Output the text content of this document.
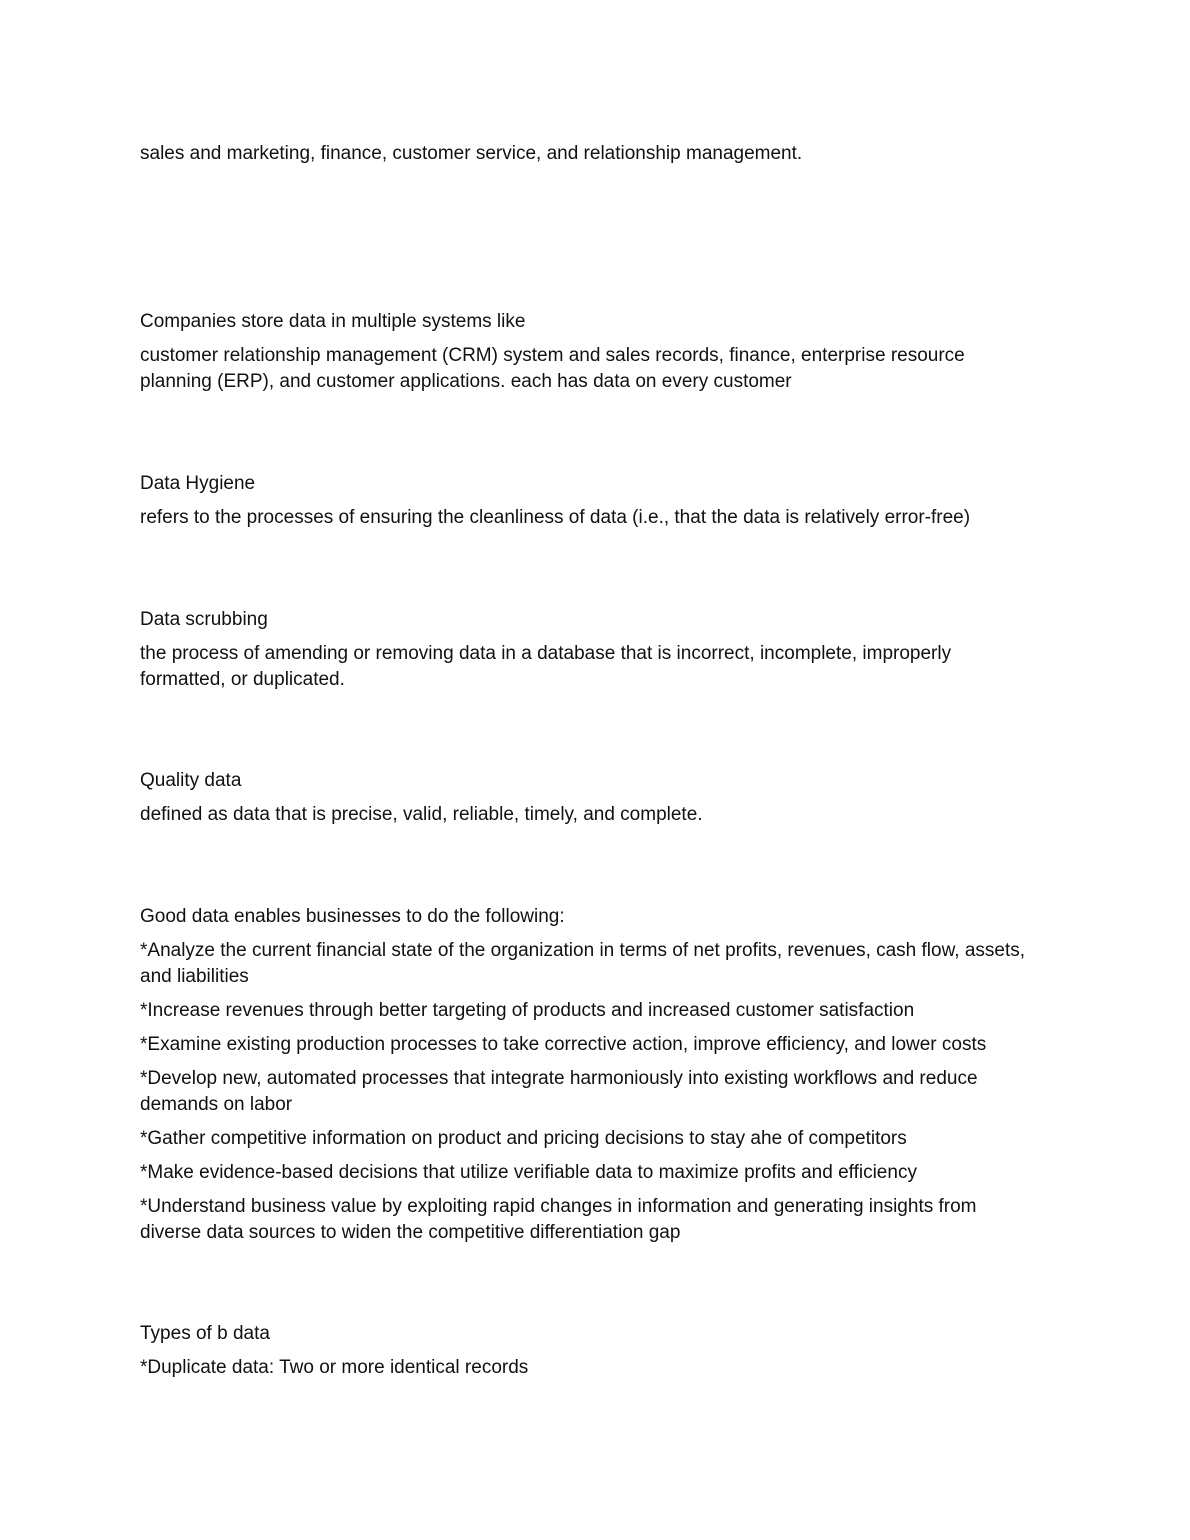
sales and marketing, finance, customer service, and relationship management.

Companies store data in multiple systems like

customer relationship management (CRM) system and sales records, finance, enterprise resource planning (ERP), and customer applications. each has data on every customer

Data Hygiene

refers to the processes of ensuring the cleanliness of data (i.e., that the data is relatively error-free)

Data scrubbing

the process of amending or removing data in a database that is incorrect, incomplete, improperly formatted, or duplicated.

Quality data

defined as data that is precise, valid, reliable, timely, and complete.

Good data enables businesses to do the following:

*Analyze the current financial state of the organization in terms of net profits, revenues, cash flow, assets, and liabilities

*Increase revenues through better targeting of products and increased customer satisfaction

*Examine existing production processes to take corrective action, improve efficiency, and lower costs

*Develop new, automated processes that integrate harmoniously into existing workflows and reduce demands on labor

*Gather competitive information on product and pricing decisions to stay ahe of competitors

*Make evidence-based decisions that utilize verifiable data to maximize profits and efficiency

*Understand business value by exploiting rapid changes in information and generating insights from diverse data sources to widen the competitive differentiation gap

Types of b data

*Duplicate data: Two or more identical records
